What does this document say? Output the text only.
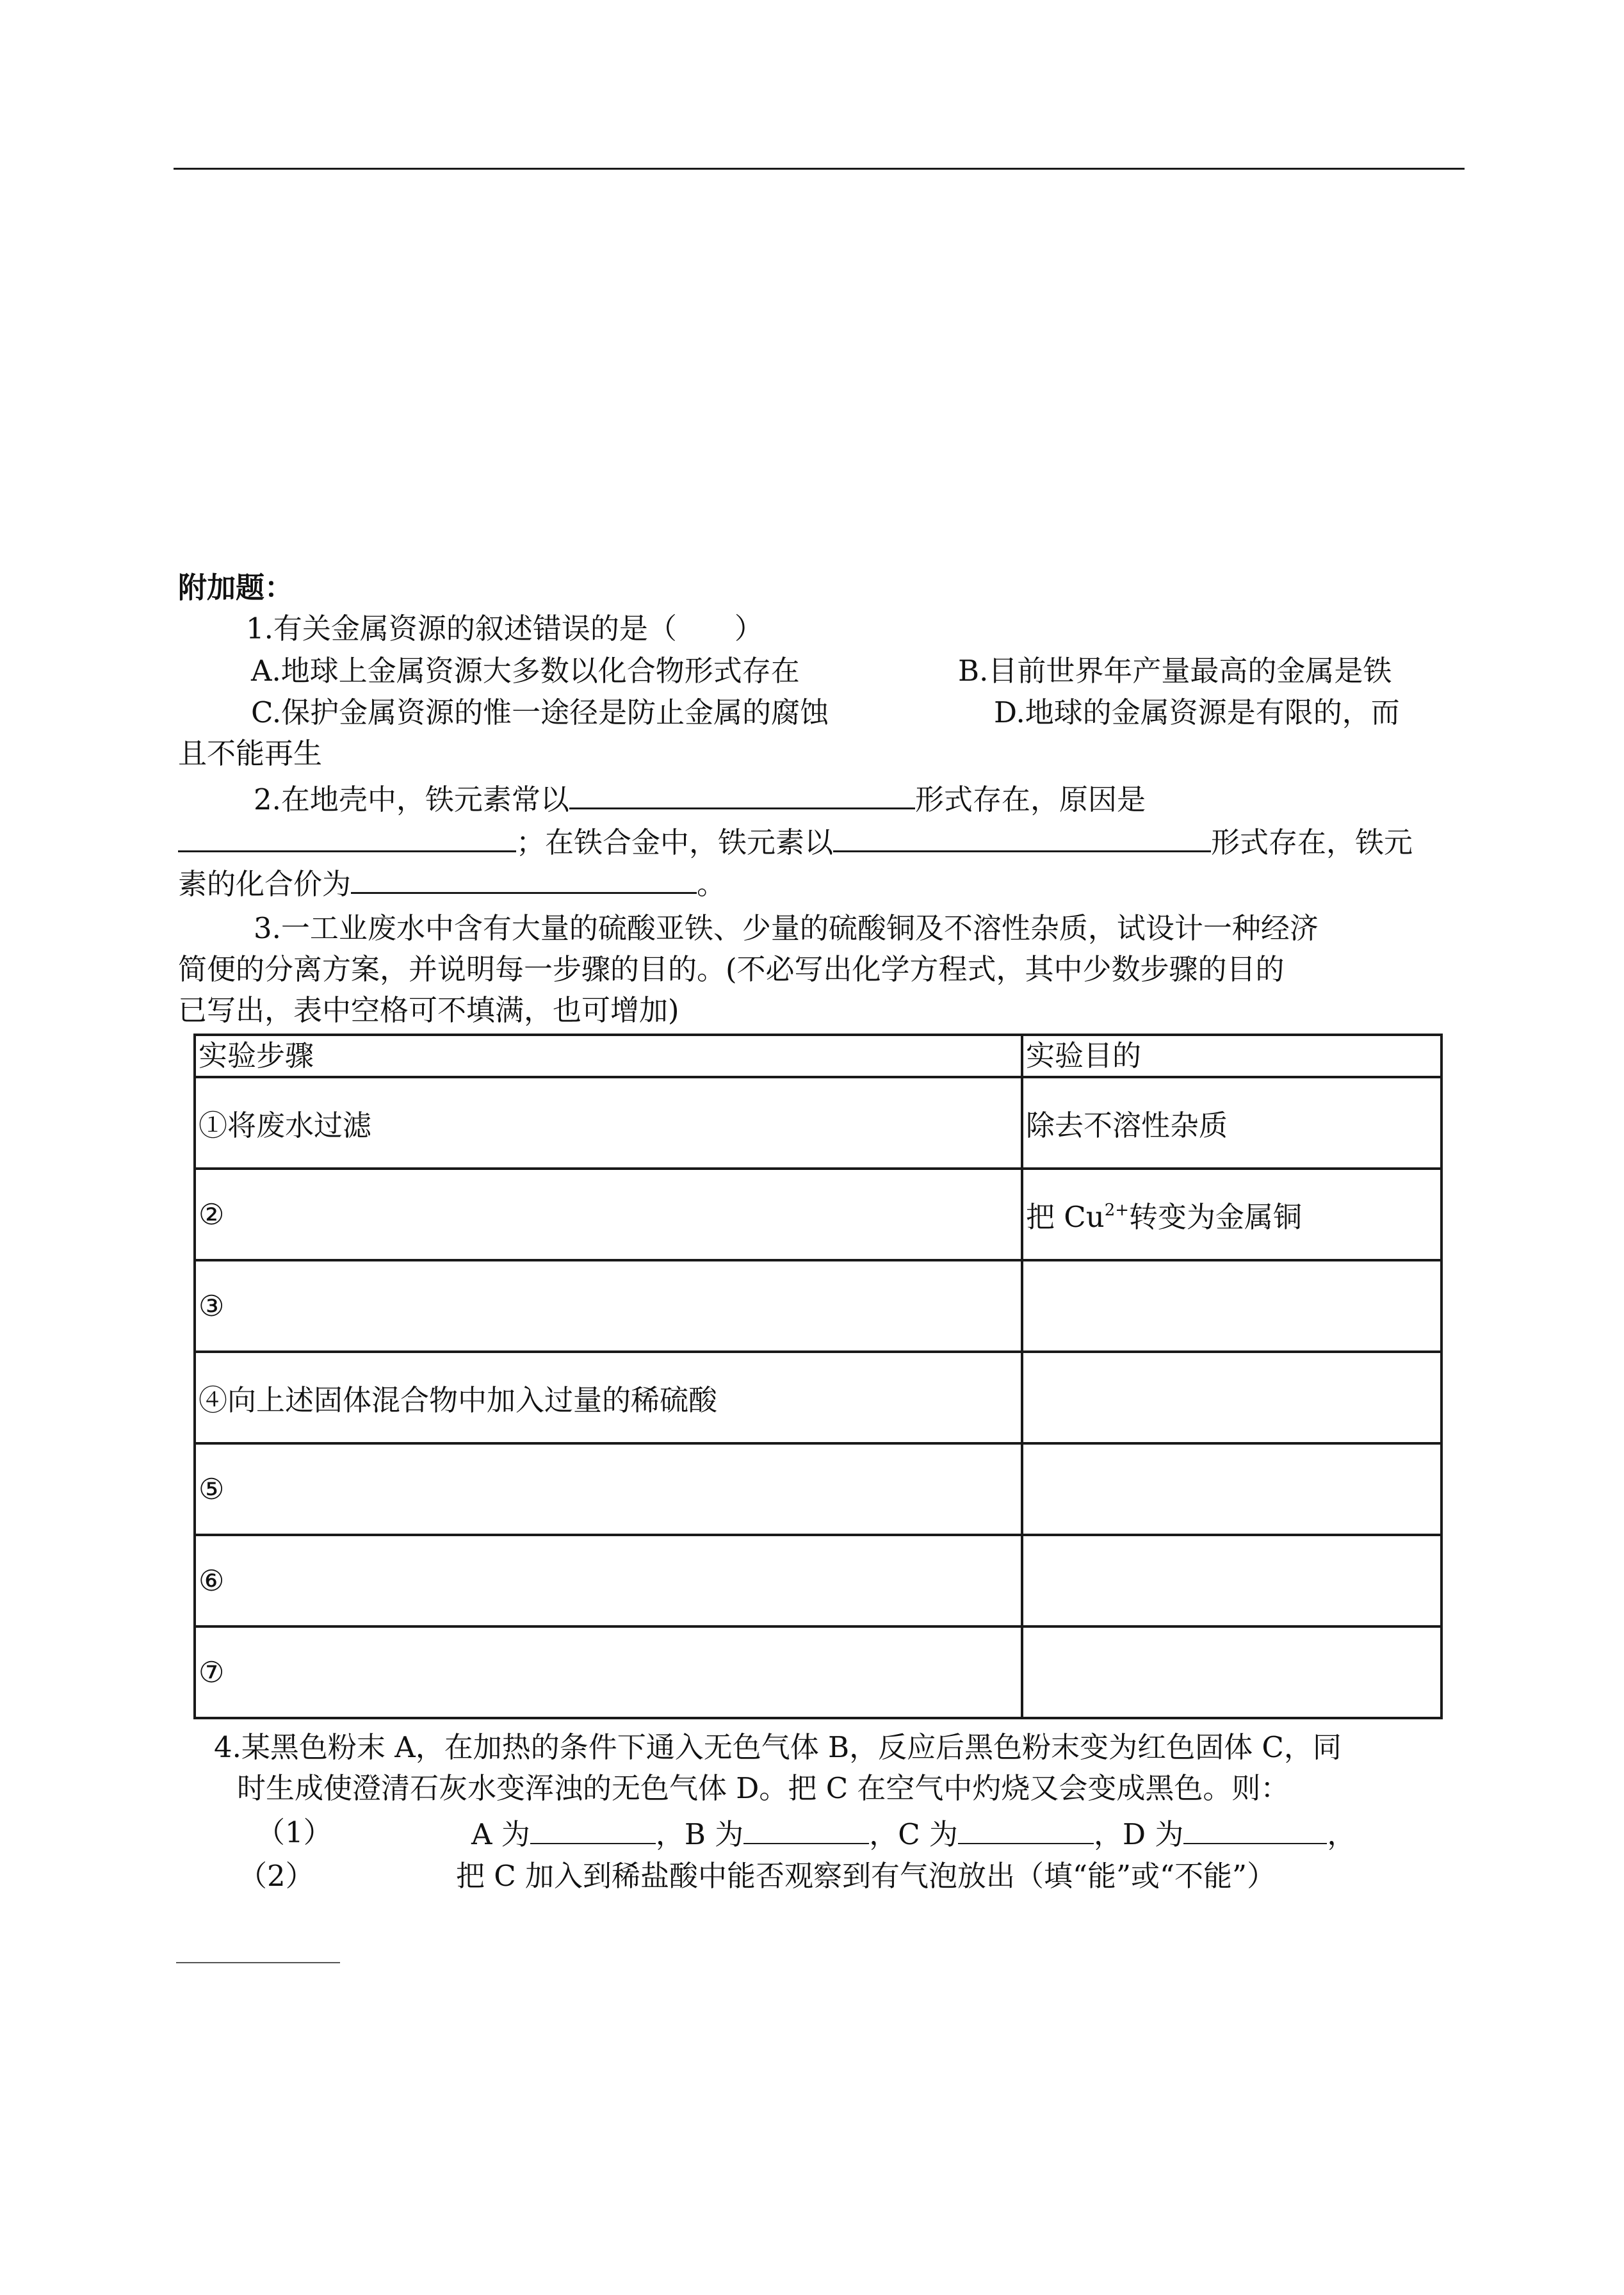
附加题：
1.有关金属资源的叙述错误的是（　　）
A.地球上金属资源大多数以化合物形式存在	B.目前世界年产量最高的金属是铁
C.保护金属资源的惟一途径是防止金属的腐蚀	D.地球的金属资源是有限的，而
且不能再生
2.在地壳中，铁元素常以	形式存在，原因是
；在铁合金中，铁元素以	形式存在，铁元
素的化合价为	。
3.一工业废水中含有大量的硫酸亚铁、少量的硫酸铜及不溶性杂质，试设计一种经济
简便的分离方案，并说明每一步骤的目的。(不必写出化学方程式，其中少数步骤的目的
已写出，表中空格可不填满，也可增加)
实验步骤	实验目的
①将废水过滤	除去不溶性杂质
②	把 $Cu^{2+}$转变为金属铜
③	
④向上述固体混合物中加入过量的稀硫酸	
⑤	
⑥	
⑦	
4.某黑色粉末 A，在加热的条件下通入无色气体 B，反应后黑色粉末变为红色固体 C，同
时生成使澄清石灰水变浑浊的无色气体 D。把 C 在空气中灼烧又会变成黑色。则：
（1）	A 为	，B 为	，C 为	，D 为	，
（2）	把 C 加入到稀盐酸中能否观察到有气泡放出（填“能”或“不能”）
